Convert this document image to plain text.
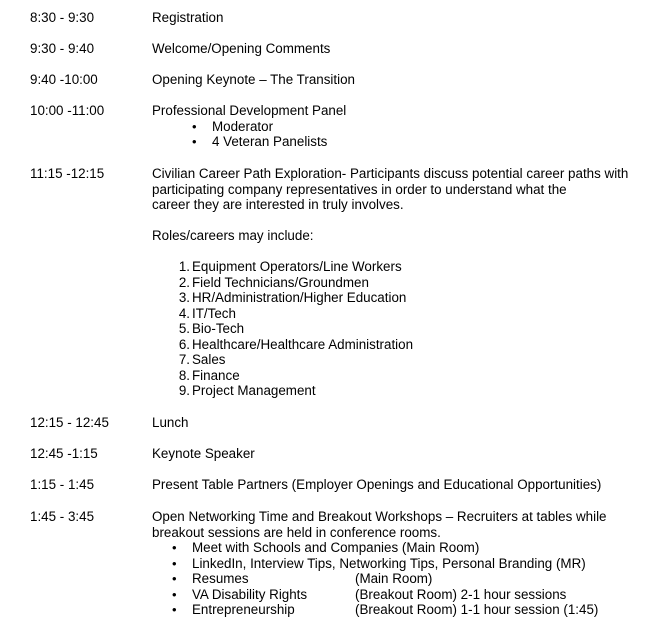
8:30 - 9:30	Registration
9:30 - 9:40	Welcome/Opening Comments
9:40 -10:00	Opening Keynote – The Transition
10:00 -11:00	Professional Development Panel
• Moderator
• 4 Veteran Panelists
11:15 -12:15	Civilian Career Path Exploration- Participants discuss potential career paths with
participating company representatives in order to understand what the
career they are interested in truly involves.
Roles/careers may include:
1. Equipment Operators/Line Workers
2. Field Technicians/Groundmen
3. HR/Administration/Higher Education
4. IT/Tech
5. Bio-Tech
6. Healthcare/Healthcare Administration
7. Sales
8. Finance
9. Project Management
12:15 - 12:45	Lunch
12:45 -1:15	Keynote Speaker
1:15 - 1:45	Present Table Partners (Employer Openings and Educational Opportunities)
1:45 - 3:45	Open Networking Time and Breakout Workshops – Recruiters at tables while
breakout sessions are held in conference rooms.
• Meet with Schools and Companies (Main Room)
• LinkedIn, Interview Tips, Networking Tips, Personal Branding (MR)
• Resumes	(Main Room)
• VA Disability Rights	(Breakout Room) 2-1 hour sessions
• Entrepreneurship	(Breakout Room) 1-1 hour session (1:45)
